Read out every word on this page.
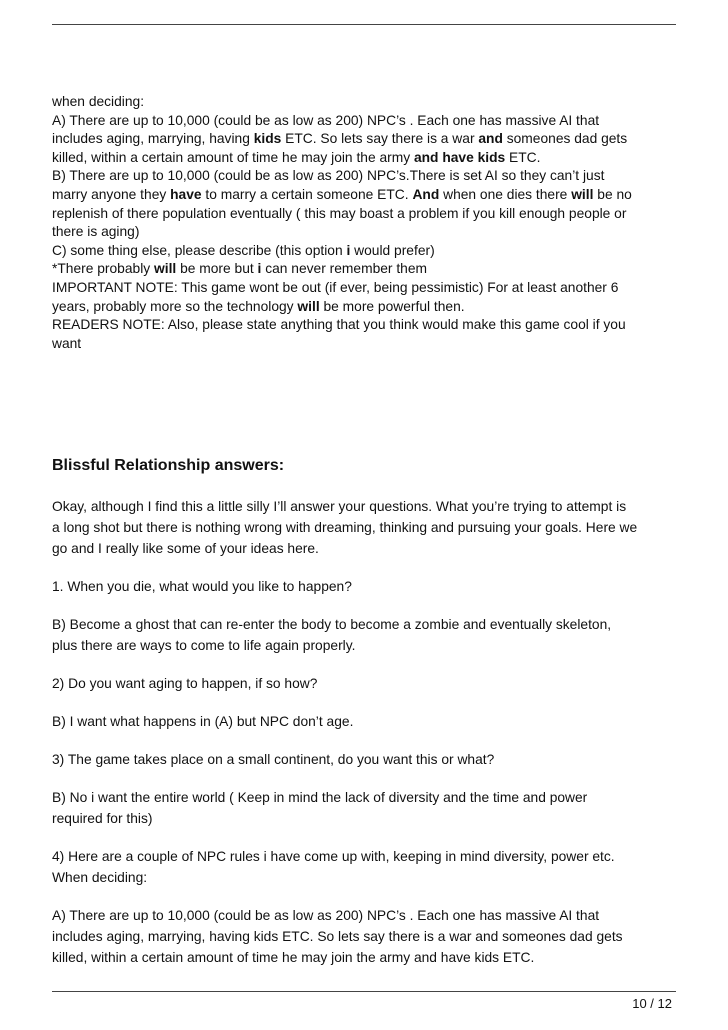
when deciding:
A) There are up to 10,000 (could be as low as 200) NPC’s . Each one has massive AI that
includes aging, marrying, having kids ETC. So lets say there is a war and someones dad gets
killed, within a certain amount of time he may join the army and have kids ETC.
B) There are up to 10,000 (could be as low as 200) NPC’s.There is set AI so they can’t just
marry anyone they have to marry a certain someone ETC. And when one dies there will be no
replenish of there population eventually ( this may boast a problem if you kill enough people or
there is aging)
C) some thing else, please describe (this option i would prefer)
*There probably will be more but i can never remember them
IMPORTANT NOTE: This game wont be out (if ever, being pessimistic) For at least another 6
years, probably more so the technology will be more powerful then.
READERS NOTE: Also, please state anything that you think would make this game cool if you
want
Blissful Relationship answers:
Okay, although I find this a little silly I’ll answer your questions. What you’re trying to attempt is
a long shot but there is nothing wrong with dreaming, thinking and pursuing your goals. Here we
go and I really like some of your ideas here.
1. When you die, what would you like to happen?
B) Become a ghost that can re-enter the body to become a zombie and eventually skeleton,
plus there are ways to come to life again properly.
2) Do you want aging to happen, if so how?
B) I want what happens in (A) but NPC don’t age.
3) The game takes place on a small continent, do you want this or what?
B) No i want the entire world ( Keep in mind the lack of diversity and the time and power
required for this)
4) Here are a couple of NPC rules i have come up with, keeping in mind diversity, power etc.
When deciding:
A) There are up to 10,000 (could be as low as 200) NPC’s . Each one has massive AI that
includes aging, marrying, having kids ETC. So lets say there is a war and someones dad gets
killed, within a certain amount of time he may join the army and have kids ETC.
10 / 12
